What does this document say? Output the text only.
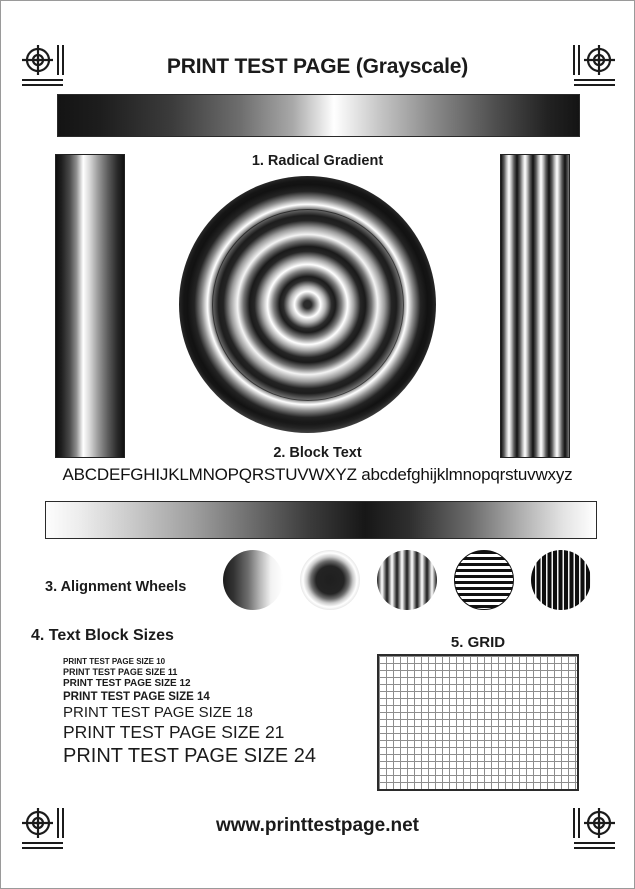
PRINT TEST PAGE (Grayscale)
1. Radical Gradient
2. Block Text
ABCDEFGHIJKLMNOPQRSTUVWXYZ abcdefghijklmnopqrstuvwxyz
3. Alignment Wheels
4. Text Block Sizes
PRINT TEST PAGE SIZE 10
PRINT TEST PAGE SIZE 11
PRINT TEST PAGE SIZE 12
PRINT TEST PAGE SIZE 14
PRINT TEST PAGE SIZE 18
PRINT TEST PAGE SIZE 21
PRINT TEST PAGE SIZE 24
5. GRID
www.printtestpage.net
